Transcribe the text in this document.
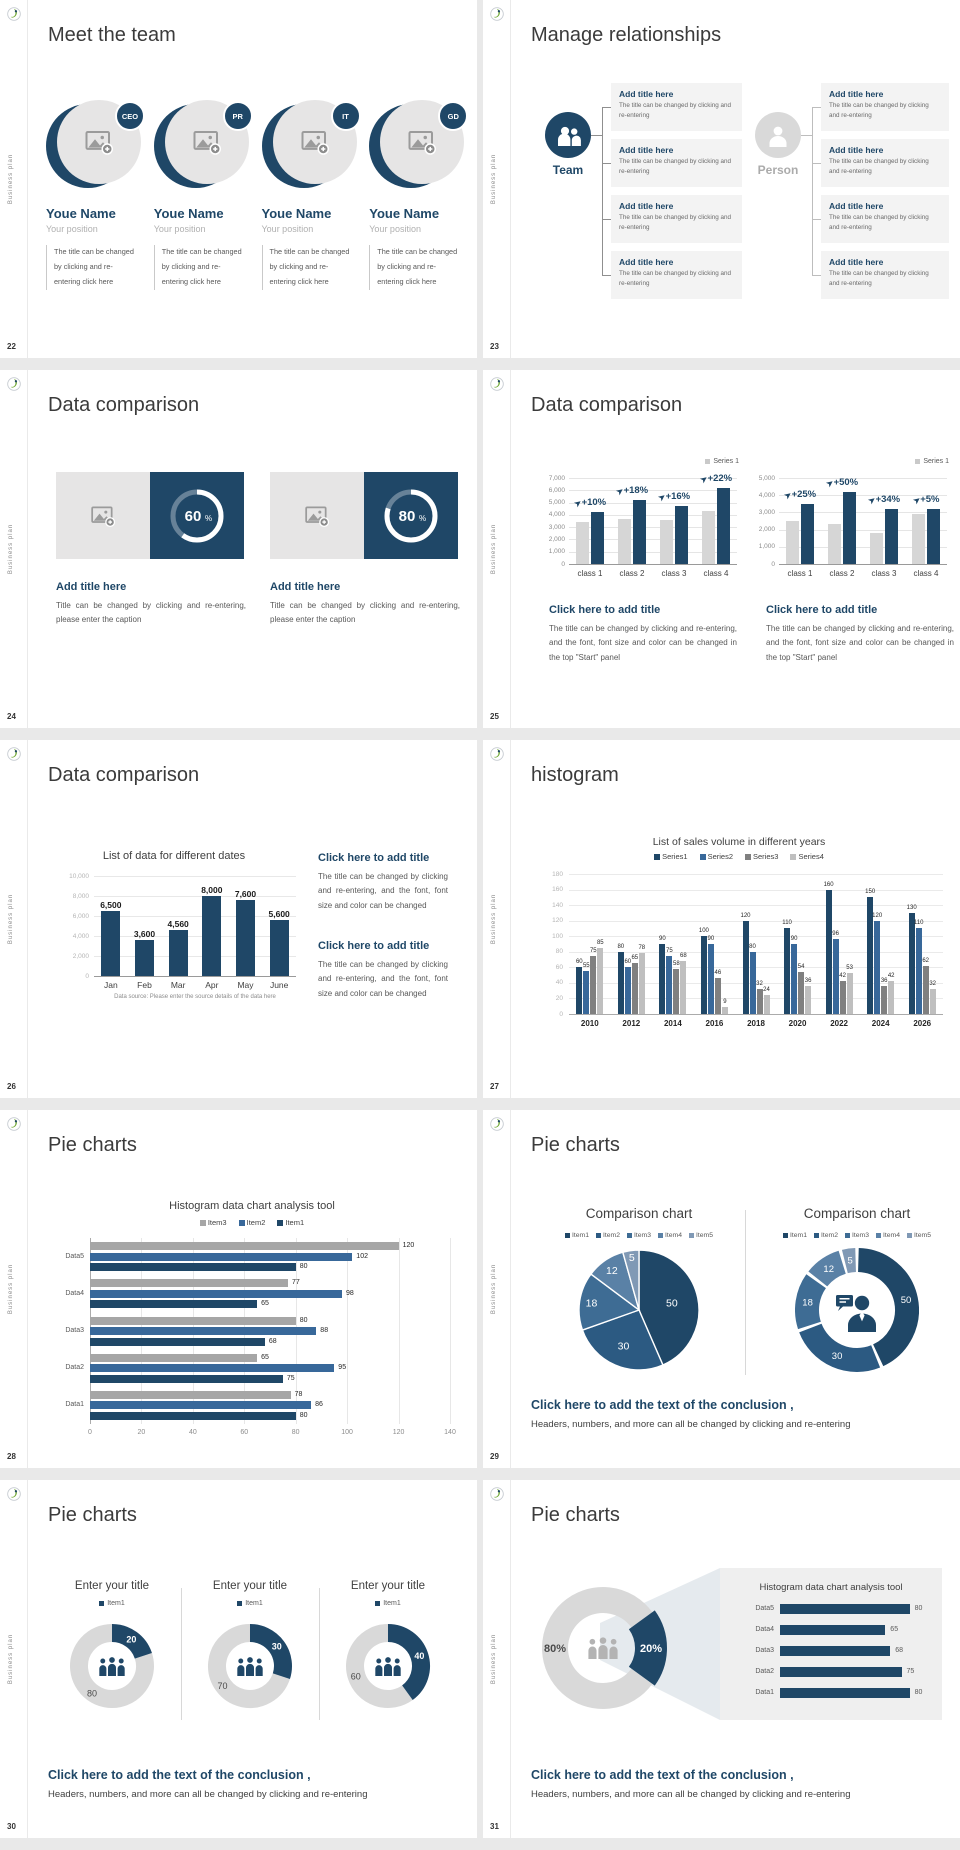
Business plan
22
Meet the team
CEO
Youe Name
Your position
The title can be changed by clicking and re-entering click here
PR
Youe Name
Your position
The title can be changed by clicking and re-entering click here
IT
Youe Name
Your position
The title can be changed by clicking and re-entering click here
GD
Youe Name
Your position
The title can be changed by clicking and re-entering click here
Business plan
23
Manage relationships
Team
Add title here
The title can be changed by clicking and re-entering
Add title here
The title can be changed by clicking and re-entering
Add title here
The title can be changed by clicking and re-entering
Add title here
The title can be changed by clicking and re-entering
Person
Add title here
The title can be changed by clicking and re-entering
Add title here
The title can be changed by clicking and re-entering
Add title here
The title can be changed by clicking and re-entering
Add title here
The title can be changed by clicking and re-entering
Business plan
24
Data comparison
60 %	80 %
Add title here
Title can be changed by clicking and re-entering, please enter the caption
Add title here
Title can be changed by clicking and re-entering, please enter the caption
Business plan
25
Data comparison
Series 1
0
1,000
2,000
3,000
4,000
5,000
6,000
7,000
➤+10%
class 1
➤+18%
class 2
➤+16%
class 3
➤+22%
class 4
Series 1
0
1,000
2,000
3,000
4,000
5,000
➤+25%
class 1
➤+50%
class 2
➤+34%
class 3
➤+5%
class 4
Click here to add title
The title can be changed by clicking and re-entering, and the font, font size and color can be changed in the top "Start" panel
Click here to add title
The title can be changed by clicking and re-entering, and the font, font size and color can be changed in the top "Start" panel
Business plan
26
Data comparison
List of data for different dates
0
2,000
4,000
6,000
8,000
10,000
6,500
Jan
3,600
Feb
4,560
Mar
8,000
Apr
7,600
May
5,600
June
Data source: Please enter the source details of the data here
Click here to add title
The title can be changed by clicking and re-entering, and the font, font size and color can be changed
Click here to add title
The title can be changed by clicking and re-entering, and the font, font size and color can be changed
Business plan
27
histogram
List of sales volume in different years
Series1	Series2	Series3	Series4
0
20
40
60
80
100
120
140
160
180
60
55
75
85
2010
80
60
65
78
2012
90
75
58
68
2014
100
90
46
9
2016
120
80
32
24
2018
110
90
54
36
2020
160
96
42
53
2022
150
120
36
42
2024
130
110
62
32
2026
Business plan
28
Pie charts
Histogram data chart analysis tool
Item3	Item2	Item1
0	20	40	60	80	100	120	140
Data5
120
102
80
Data4
77
98
65
Data3
80
88
68
Data2
65
95
75
Data1
78
86
80
Business plan
29
Pie charts
Comparison chart
Item1 Item2 Item3 Item4 Item5
50
30
18
12
5
Comparison chart
Item1 Item2 Item3 Item4 Item5
50
30
18
12
5
Click here to add the text of the conclusion ,
Headers, numbers, and more can all be changed by clicking and re-entering
Business plan
30
Pie charts
Enter your title
Item1
20
80
Enter your title
Item1
30
70
Enter your title
Item1
40
60
Click here to add the text of the conclusion ,
Headers, numbers, and more can all be changed by clicking and re-entering
Business plan
31
Pie charts
20%
80%
Histogram data chart analysis tool
Data5	80
Data4	65
Data3	68
Data2	75
Data1	80
Click here to add the text of the conclusion ,
Headers, numbers, and more can all be changed by clicking and re-entering
